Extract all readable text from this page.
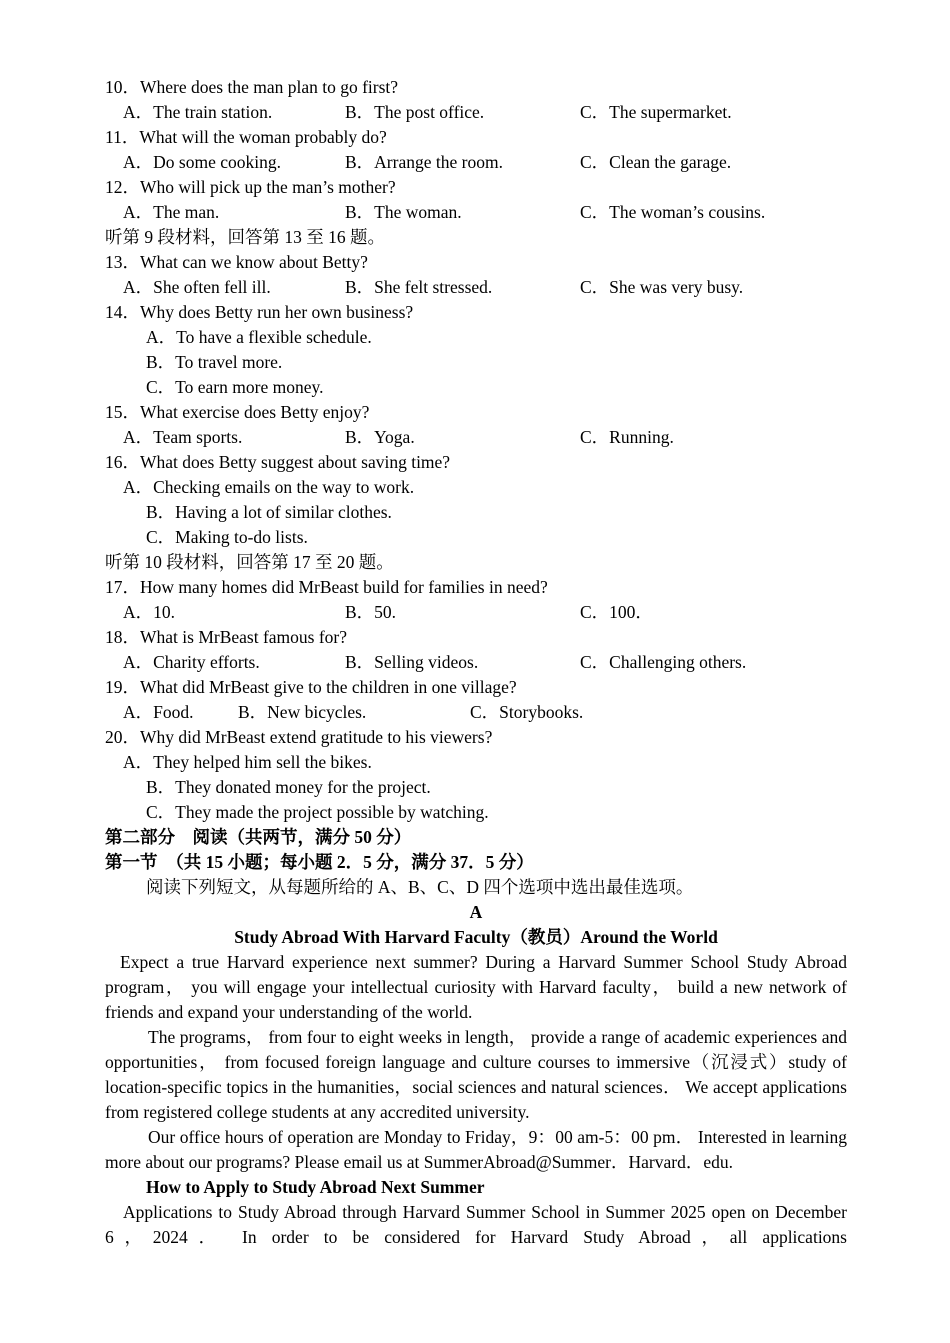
10．Where does the man plan to go first?
A．The train station.	B．The post office.	C．The supermarket.
11．What will the woman probably do?
A．Do some cooking.	B．Arrange the room.	C．Clean the garage.
12．Who will pick up the man’s mother?
A．The man.	B．The woman.	C．The woman’s cousins.
听第 9 段材料，回答第 13 至 16 题。
13．What can we know about Betty?
A．She often fell ill.	B．She felt stressed.	C．She was very busy.
14．Why does Betty run her own business?
A．To have a flexible schedule.
B．To travel more.
C．To earn more money.
15．What exercise does Betty enjoy?
A．Team sports.	B．Yoga.	C．Running.
16．What does Betty suggest about saving time?
A．Checking emails on the way to work.
B．Having a lot of similar clothes.
C．Making to-do lists.
听第 10 段材料，回答第 17 至 20 题。
17．How many homes did MrBeast build for families in need?
A．10.	B．50.	C．100．
18．What is MrBeast famous for?
A．Charity efforts.	B．Selling videos.	C．Challenging others.
19．What did MrBeast give to the children in one village?
A．Food.	B．New bicycles.	C．Storybooks.
20．Why did MrBeast extend gratitude to his viewers?
A．They helped him sell the bikes.
B．They donated money for the project.
C．They made the project possible by watching.
第二部分　阅读（共两节，满分 50 分）
第一节　（共 15 小题；每小题 2．5 分，满分 37．5 分）
阅读下列短文，从每题所给的 A、B、C、D 四个选项中选出最佳选项。
A
Study Abroad With Harvard Faculty（教员）Around the World
Expect a true Harvard experience next summer? During a Harvard Summer School Study Abroad program， you will engage your intellectual curiosity with Harvard faculty， build a new network of friends and expand your understanding of the world.
The programs， from four to eight weeks in length， provide a range of academic experiences and opportunities， from focused foreign language and culture courses to immersive（沉浸式）study of location-specific topics in the humanities，social sciences and natural sciences． We accept applications from registered college students at any accredited university.
Our office hours of operation are Monday to Friday，9：00 am-5：00 pm． Interested in learning more about our programs? Please email us at SummerAbroad@Summer．Harvard．edu.
How to Apply to Study Abroad Next Summer
Applications to Study Abroad through Harvard Summer School in Summer 2025 open on December 6，2024． In order to be considered for Harvard Study Abroad，all applications
